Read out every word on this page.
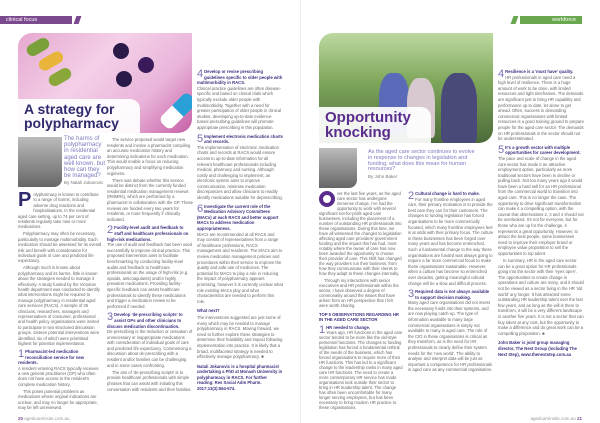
clinical focus
A strategy for polypharmacy
The harms of polypharmacy in residential aged care are well known, but how can they be managed?
By Natali Jokanovic

Polypharmacy is known to contribute to a range of harms, including adverse drug reactions and hospitalisations. In the residential aged care setting, up to 74 per cent of residents regularly take nine or more medications.

Polypharmacy may often be necessary, particularly to manage multimorbidity. Each medication should be assessed for its overall risk and benefit with consideration for individual goals of care and predicted life expectancy.

Although much is known about polypharmacy and its harms, little is known about the strategies needed to manage it effectively. A study funded by the Victorian health department was conducted to identify what interventions might be required to manage polypharmacy in residential aged care services (RACS). A sample of 35 clinicians, researchers, managers and representatives of consumer, professional and health policy organisations were invited to participate in two structured discussion groups. Sixteen potential interventions were identified, six of which were prioritised highest for potential implementation.

1 Pharmacist-led medication reconciliation service for new residents.

A resident entering RACS typically receives a new general practitioner (GP) who often does not have access to the resident's complete medication history.

This poses potential problems as medications whose original indications are unclear, and may no longer be appropriate, may be left unreviewed.

The service proposed would target new residents and involve a pharmacist compiling an accurate medication history and determining indications for each medication. This would enable a focus on reducing polypharmacy and simplifying medication regimens.

There was debate whether this service would be distinct from the currently funded residential medication management reviews (RMMRs), which are performed by a pharmacist in collaboration with the GP. These reviews are funded every two years for residents, or more frequently if clinically indicated.

2 Facility-level audit and feedback to staff and healthcare professionals on high-risk medications.

The use of audit and feedback has been used successfully to improve clinical practice. This proposed intervention aims to facilitate benchmarking by conducting facility-level audits and feedback to healthcare professionals on the usage of high-risk (e.g. opioids, anticoagulants) and/or highly prevalent medications. Providing facility-specific feedback can assist healthcare professionals to identify these medications and trigger a medication review to be performed if needed.

3 Develop 'de-prescribing scripts' to assist GPs and other clinicians to discuss medication discontinuation.

De-prescribing is the reduction or cessation of unnecessary or inappropriate medications with consideration of individual goals of care and predicted life expectancy. Commencing a discussion about de-prescribing with a resident and/or families can be challenging and in some cases confronting.

The aim of 'de-prescribing scripts' is to provide healthcare professionals with simple phrases that can assist with initiating this conversation with residents and their families.

4 Develop or revise prescribing guidelines specific to older people with multimorbidity in RACS.

Clinical practice guidelines are often disease-specific and based on clinical trials which typically exclude older people with multimorbidity. Together with a need for greater participation of older people in clinical studies, developing up-to-date evidence-based prescribing guidelines will promote appropriate prescribing in this population.

5 Implement electronic medication charts and records.

The implementation of electronic medication charts and records at RACS would ensure access to up-to-date information for all relevant healthcare professionals including medical, pharmacy and nursing. Although costly and challenging to implement, an electronic system aims to improve communication, minimise medication discrepancies and allow clinicians to readily identify medications suitable for deprescribing.

6 Investigate the current role of the Medication Advisory Committees (MACs) at each RACS and better support MACs to address medication appropriateness.

MACs are recommended at all RACS and may consist of representatives from a range of healthcare professions, RACS management and residents. The MACs aim to review medication management policies and procedures within their service to improve the quality and safe use of medicines. The potential for MACs to play a role in reducing the impact of polypharmacy appears promising, however it is currently unclear what role existing MACs play and what characteristics are needed to perform this role.

What next?

The interventions suggested are just some of many which may be needed to manage polypharmacy in RACS. Moving forward, we need to further explore these strategies to determine their feasibility and impact following implementation into practice. It is likely that a broad, multifaceted strategy is needed to effectively manage polypharmacy. ■

Natali Jokanovic is a hospital pharmacist undertaking a PhD at Monash University in polypharmacy in RACS. For further reading: Res Social Adm Pharm. 2017;13(3):564-574.
20 agedcareinsite.com.au
workforce
Opportunity knocking
As the aged care sector continues to evolve in response to changes in legislation and funding, what does this mean for human resources?
By John Baker

ver the last five years, as the aged care sector has undergone immense change, I've had the opportunity to work with several significant not-for-profit aged care businesses, including the placement of a number of outstanding HR professionals into these organisations. During this time, we have all witnessed the changes to legislation affecting aged care providers' government funding and the impact this has had, most notably where the owner of care has now been awarded the opportunity to choose their provider of care. This shift has changed the way providers run their business, from how they communicate with their clients to how they adapt to these changes internally.

Through my interactions with senior executives and HR professionals within the sector, I have observed a degree of commonality around the issues that have arisen from an HR perspective that I felt were worth sharing.

TOP 5 OBSERVATIONS REGARDING HR IN THE AGED CARE SECTOR
1 HR needed to change.

Years ago, HR functions in the aged care sector tended to be more like the old-style personnel functions. The changes to funding legislation has forced a fundamental rethink of the needs of the business, which has forced organisations to require more of their HR functions. This has led to a significant change to the leadership ranks in many aged care HR functions. The need to create a more contemporary HR service has made organisations look outside their sector to bring in HR leadership talent. The change has often been uncomfortable for many longer serving employees, but has been necessary to bring modern HR practice to these organisations.

2 Cultural change is hard to make.

For many frontline employees in aged care, their primary motivation is to provide the best care they can for their customers. The changes to funding legislation has forced organisations to be more commercially focused, which many frontline employees feel is at odds with their primary focus. The culture in these businesses has been forged over many years and has become entrenched. Such a fundamental change to the way these organisations are funded was always going to require a far more commercial focus to make these organisations sustainable. However, when a culture has become so entrenched over decades, getting meaningful cultural change will be a slow and difficult process.

3 Required data is not always available to support decision making.

Many aged care organisations did not invest the necessary funds into their systems, and are now playing catch-up. The type of information available to many large commercial organisations is simply not available to many in aged care. The role of the CIO in these organisations is critical as they transform, as is the need for HR professionals to clearly define their system needs for the 'new world'. The ability to analyse and interpret data will be just as important a competence for HR professionals in aged care as any commercial organisation.

4 Resilience is a 'must have' quality.

HR professionals in aged care need a high level of resilience. There is a huge amount of work to be done, with limited resources and tight timeframes. The demands are significant just to bring HR capability and performance up to date, let alone to get ahead. Often, success in demanding commercial organisations with limited resources is a good training ground to prepare people for the aged care sector. The demands on HR professionals in the sector should not be underestimated.

5 It's a growth sector with multiple opportunities for career development.

The pace and scale of change in the aged care sector has made it an attractive employment option, particularly as more traditional sectors have been in decline or pulling back. Not too many years ago it would have been a hard sell for an HR professional from the commercial world to transition into aged care. This is no longer the case. The opportunity to drive significant transformation can make it a compelling option, with the caveat that observations 2, 3 and 4 should not be overlooked. It's not for everyone, but for those who are up for the challenge, it represents a great opportunity. However, to attract the best people, some businesses need to improve their employer brand or employee value proposition to sell the opportunities to top talent.

In summary, HR in the aged care sector can be a great option for HR professionals going into the sector with their 'eyes open'. The opportunities to create change in operations and culture are many, and it should not be viewed as a sector living in the HR 'old world' any longer. It has attracted some outstanding HR leadership talent over the last few years, and as long as the will is there to transform, it will be a very different landscape in another five years. It is not a sector that can buy talent at any cost, but the opportunity to make a difference and do great work can be a compelling proposition. ■

John Baker is joint group managing director, The Next Group (including The Next Step), www.thenextstep.com.au
agedcareinsite.com.au 21
